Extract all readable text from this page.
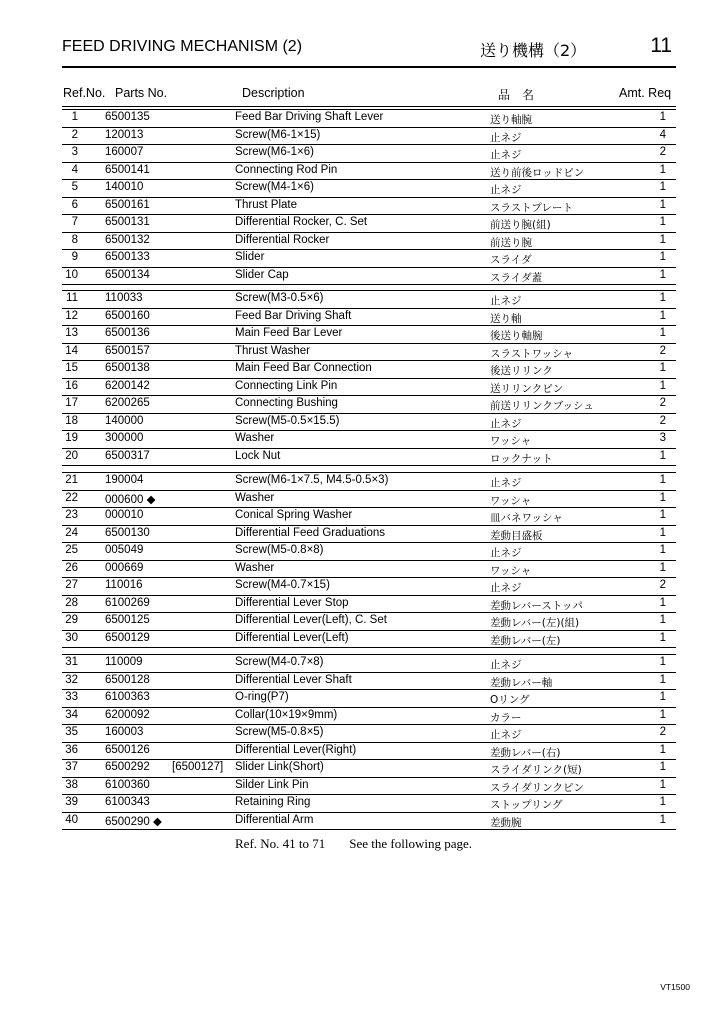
FEED DRIVING MECHANISM (2)	送り機構（2）	11
Ref.No. Parts No.	Description	品　名	Amt. Req
1 6500135	Feed Bar Driving Shaft Lever	送り軸腕	1
2 120013	Screw(M6-1×15)	止ネジ	4
3 160007	Screw(M6-1×6)	止ネジ	2
4 6500141	Connecting Rod Pin	送り前後ロッドピン	1
5 140010	Screw(M4-1×6)	止ネジ	1
6 6500161	Thrust Plate	スラストプレート	1
7 6500131	Differential Rocker, C. Set	前送り腕(組)	1
8 6500132	Differential Rocker	前送り腕	1
9 6500133	Slider	スライダ	1
10 6500134	Slider Cap	スライダ蓋	1
11 110033	Screw(M3-0.5×6)	止ネジ	1
12 6500160	Feed Bar Driving Shaft	送り軸	1
13 6500136	Main Feed Bar Lever	後送り軸腕	1
14 6500157	Thrust Washer	スラストワッシャ	2
15 6500138	Main Feed Bar Connection	後送リリンク	1
16 6200142	Connecting Link Pin	送リリンクピン	1
17 6200265	Connecting Bushing	前送リリンクブッシュ	2
18 140000	Screw(M5-0.5×15.5)	止ネジ	2
19 300000	Washer	ワッシャ	3
20 6500317	Lock Nut	ロックナット	1
21 190004	Screw(M6-1×7.5, M4.5-0.5×3)	止ネジ	1
22 000600 ◆	Washer	ワッシャ	1
23 000010	Conical Spring Washer	皿バネワッシャ	1
24 6500130	Differential Feed Graduations	差動目盛板	1
25 005049	Screw(M5-0.8×8)	止ネジ	1
26 000669	Washer	ワッシャ	1
27 110016	Screw(M4-0.7×15)	止ネジ	2
28 6100269	Differential Lever Stop	差動レバーストッパ	1
29 6500125	Differential Lever(Left), C. Set	差動レバー(左)(組)	1
30 6500129	Differential Lever(Left)	差動レバー(左)	1
31 110009	Screw(M4-0.7×8)	止ネジ	1
32 6500128	Differential Lever Shaft	差動レバー軸	1
33 6100363	O-ring(P7)	Oリング	1
34 6200092	Collar(10×19×9mm)	カラー	1
35 160003	Screw(M5-0.8×5)	止ネジ	2
36 6500126	Differential Lever(Right)	差動レバー(右)	1
37 6500292 [6500127] Slider Link(Short)	スライダリンク(短)	1
38 6100360	Silder Link Pin	スライダリンクピン	1
39 6100343	Retaining Ring	ストップリング	1
40 6500290 ◆	Differential Arm	差動腕	1
Ref. No. 41 to 71 See the following page.
VT1500
